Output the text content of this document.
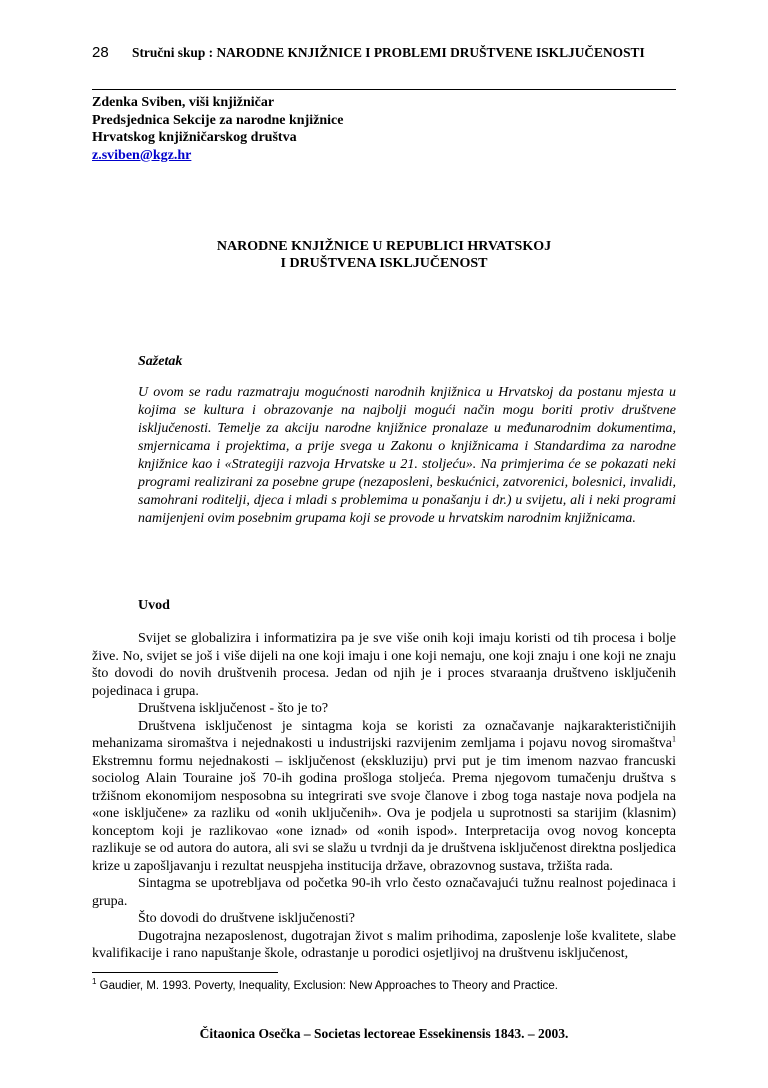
28 Stručni skup : NARODNE KNJIŽNICE I PROBLEMI DRUŠTVENE ISKLJUČENOSTI
Zdenka Sviben, viši knjižničar
Predsjednica Sekcije za narodne knjižnice
Hrvatskog knjižničarskog društva
z.sviben@kgz.hr
NARODNE KNJIŽNICE U REPUBLICI HRVATSKOJ
I DRUŠTVENA ISKLJUČENOST
Sažetak
U ovom se radu razmatraju mogućnosti narodnih knjižnica u Hrvatskoj da postanu mjesta u kojima se kultura i obrazovanje na najbolji mogući način mogu boriti protiv društvene isključenosti. Temelje za akciju narodne knjižnice pronalaze u međunarodnim dokumentima, smjernicama i projektima, a prije svega u Zakonu o knjižnicama i Standardima za narodne knjižnice kao i «Strategiji razvoja Hrvatske u 21. stoljeću». Na primjerima će se pokazati neki programi realizirani za posebne grupe (nezaposleni, beskućnici, zatvorenici, bolesnici, invalidi, samohrani roditelji, djeca i mladi s problemima u ponašanju i dr.) u svijetu, ali i neki programi namijenjeni ovim posebnim grupama koji se provode u hrvatskim narodnim knjižnicama.
Uvod

Svijet se globalizira i informatizira pa je sve više onih koji imaju koristi od tih procesa i bolje žive. No, svijet se još i više dijeli na one koji imaju i one koji nemaju, one koji znaju i one koji ne znaju što dovodi do novih društvenih procesa. Jedan od njih je i proces stvaraanja društveno isključenih pojedinaca i grupa.

Društvena isključenost - što je to?

Društvena isključenost je sintagma koja se koristi za označavanje najkarakterističnijih mehanizama siromaštva i nejednakosti u industrijski razvijenim zemljama i pojavu novog siromaštva$^1$ Ekstremnu formu nejednakosti – isključenost (ekskluziju) prvi put je tim imenom nazvao francuski sociolog Alain Touraine još 70-ih godina prošloga stoljeća. Prema njegovom tumačenju društva s tržišnom ekonomijom nesposobna su integrirati sve svoje članove i zbog toga nastaje nova podjela na «one isključene» za razliku od «onih uključenih». Ova je podjela u suprotnosti sa starijim (klasnim) konceptom koji je razlikovao «one iznad» od «onih ispod». Interpretacija ovog novog koncepta razlikuje se od autora do autora, ali svi se slažu u tvrdnji da je društvena isključenost direktna posljedica krize u zapošljavanju i rezultat neuspjeha institucija države, obrazovnog sustava, tržišta rada.

Sintagma se upotrebljava od početka 90-ih vrlo često označavajući tužnu realnost pojedinaca i grupa.

Što dovodi do društvene isključenosti?

Dugotrajna nezaposlenost, dugotrajan život s malim prihodima, zaposlenje loše kvalitete, slabe kvalifikacije i rano napuštanje škole, odrastanje u porodici osjetljivoj na društvenu isključenost,

$^1$ Gaudier, M. 1993. Poverty, Inequality, Exclusion: New Approaches to Theory and Practice.
Čitaonica Osečka – Societas lectoreae Essekinensis 1843. – 2003.
